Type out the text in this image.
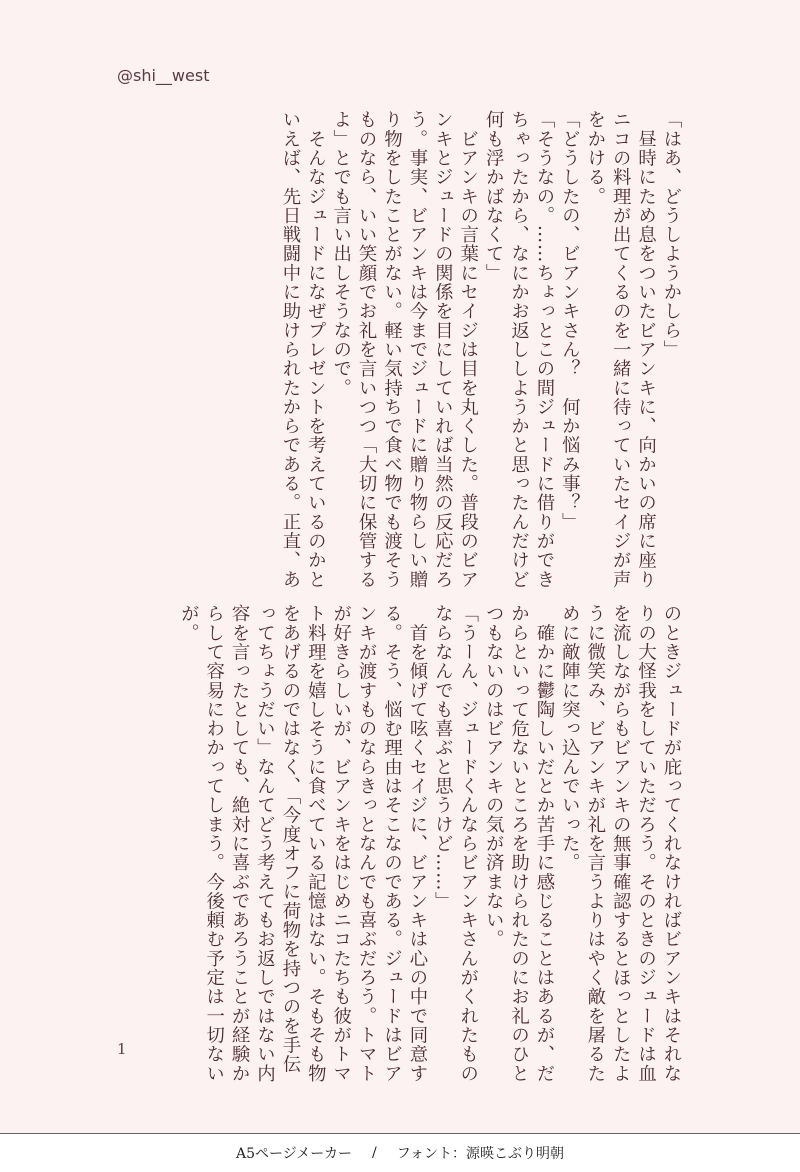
@shi__west

「はあ、どうしようかしら」

　昼時にため息をついたビアンキに、向かいの席に座り

ニコの料理が出てくるのを一緒に待っていたセイジが声

をかける。

「どうしたの、ビアンキさん？　何か悩み事？」

「そうなの。……ちょっとこの間ジュードに借りができ

ちゃったから、なにかお返ししようかと思ったんだけど

何も浮かばなくて」

　ビアンキの言葉にセイジは目を丸くした。普段のビア

ンキとジュードの関係を目にしていれば当然の反応だろ

う。事実、ビアンキは今までジュードに贈り物らしい贈

り物をしたことがない。軽い気持ちで食べ物でも渡そう

ものなら、いい笑顔でお礼を言いつつ「大切に保管する

よ」とでも言い出しそうなので。

　そんなジュードになぜプレゼントを考えているのかと

いえば、先日戦闘中に助けられたからである。正直、あ

のときジュードが庇ってくれなければビアンキはそれな

りの大怪我をしていただろう。そのときのジュードは血

を流しながらもビアンキの無事確認するとほっとしたよ

うに微笑み、ビアンキが礼を言うよりはやく敵を屠るた

めに敵陣に突っ込んでいった。

　確かに鬱陶しいだとか苦手に感じることはあるが、だ

からといって危ないところを助けられたのにお礼のひと

つもないのはビアンキの気が済まない。

「うーん、ジュードくんならビアンキさんがくれたもの

ならなんでも喜ぶと思うけど……」

　首を傾げて呟くセイジに、ビアンキは心の中で同意す

る。そう、悩む理由はそこなのである。ジュードはビア

ンキが渡すものならきっとなんでも喜ぶだろう。トマト

が好きらしいが、ビアンキをはじめニコたちも彼がトマ

ト料理を嬉しそうに食べている記憶はない。そもそも物

をあげるのではなく、「今度オフに荷物を持つのを手伝

ってちょうだい」なんてどう考えてもお返しではない内

容を言ったとしても、絶対に喜ぶであろうことが経験か

らして容易にわかってしまう。今後頼む予定は一切ない

が。

1
A5ページメーカー / フォント：源暎こぶり明朝
